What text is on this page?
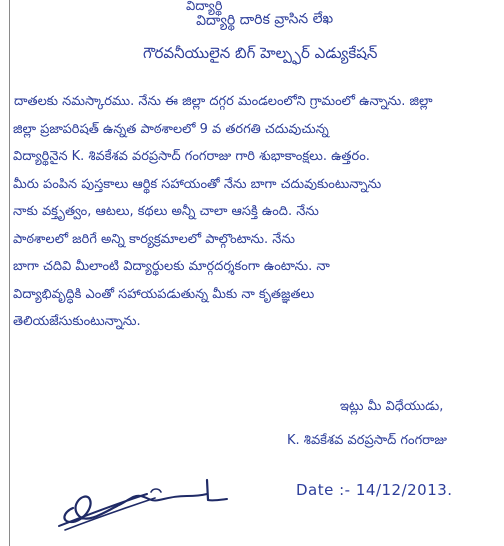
విద్యార్థి
విద్యార్థి దారిక వ్రాసిన లేఖ
గౌరవనీయులైన బిగ్ హెల్ప్ఫర్ ఎడ్యుకేషన్
దాతలకు నమస్కారము. నేను ఈ జిల్లా దగ్గర మండలంలోని గ్రామంలో ఉన్నాను. జిల్లా
జిల్లా ప్రజాపరిషత్ ఉన్నత పాఠశాలలో 9 వ తరగతి చదువుచున్న
విద్యార్థినైన K. శివకేశవ వరప్రసాద్ గంగరాజు గారి శుభాకాంక్షలు. ఉత్తరం.
మీరు పంపిన పుస్తకాలు ఆర్థిక సహాయంతో నేను బాగా చదువుకుంటున్నాను
నాకు వక్తృత్వం, ఆటలు, కథలు అన్నీ చాలా ఆసక్తి ఉంది. నేను
పాఠశాలలో జరిగే అన్ని కార్యక్రమాలలో పాల్గొంటాను. నేను
బాగా చదివి మీలాంటి విద్యార్థులకు మార్గదర్శకంగా ఉంటాను. నా
విద్యాభివృద్ధికి ఎంతో సహాయపడుతున్న మీకు నా కృతజ్ఞతలు
తెలియజేసుకుంటున్నాను.
ఇట్లు మీ విధేయుడు,
K. శివకేశవ వరప్రసాద్ గంగరాజు
Date :- 14/12/2013.
